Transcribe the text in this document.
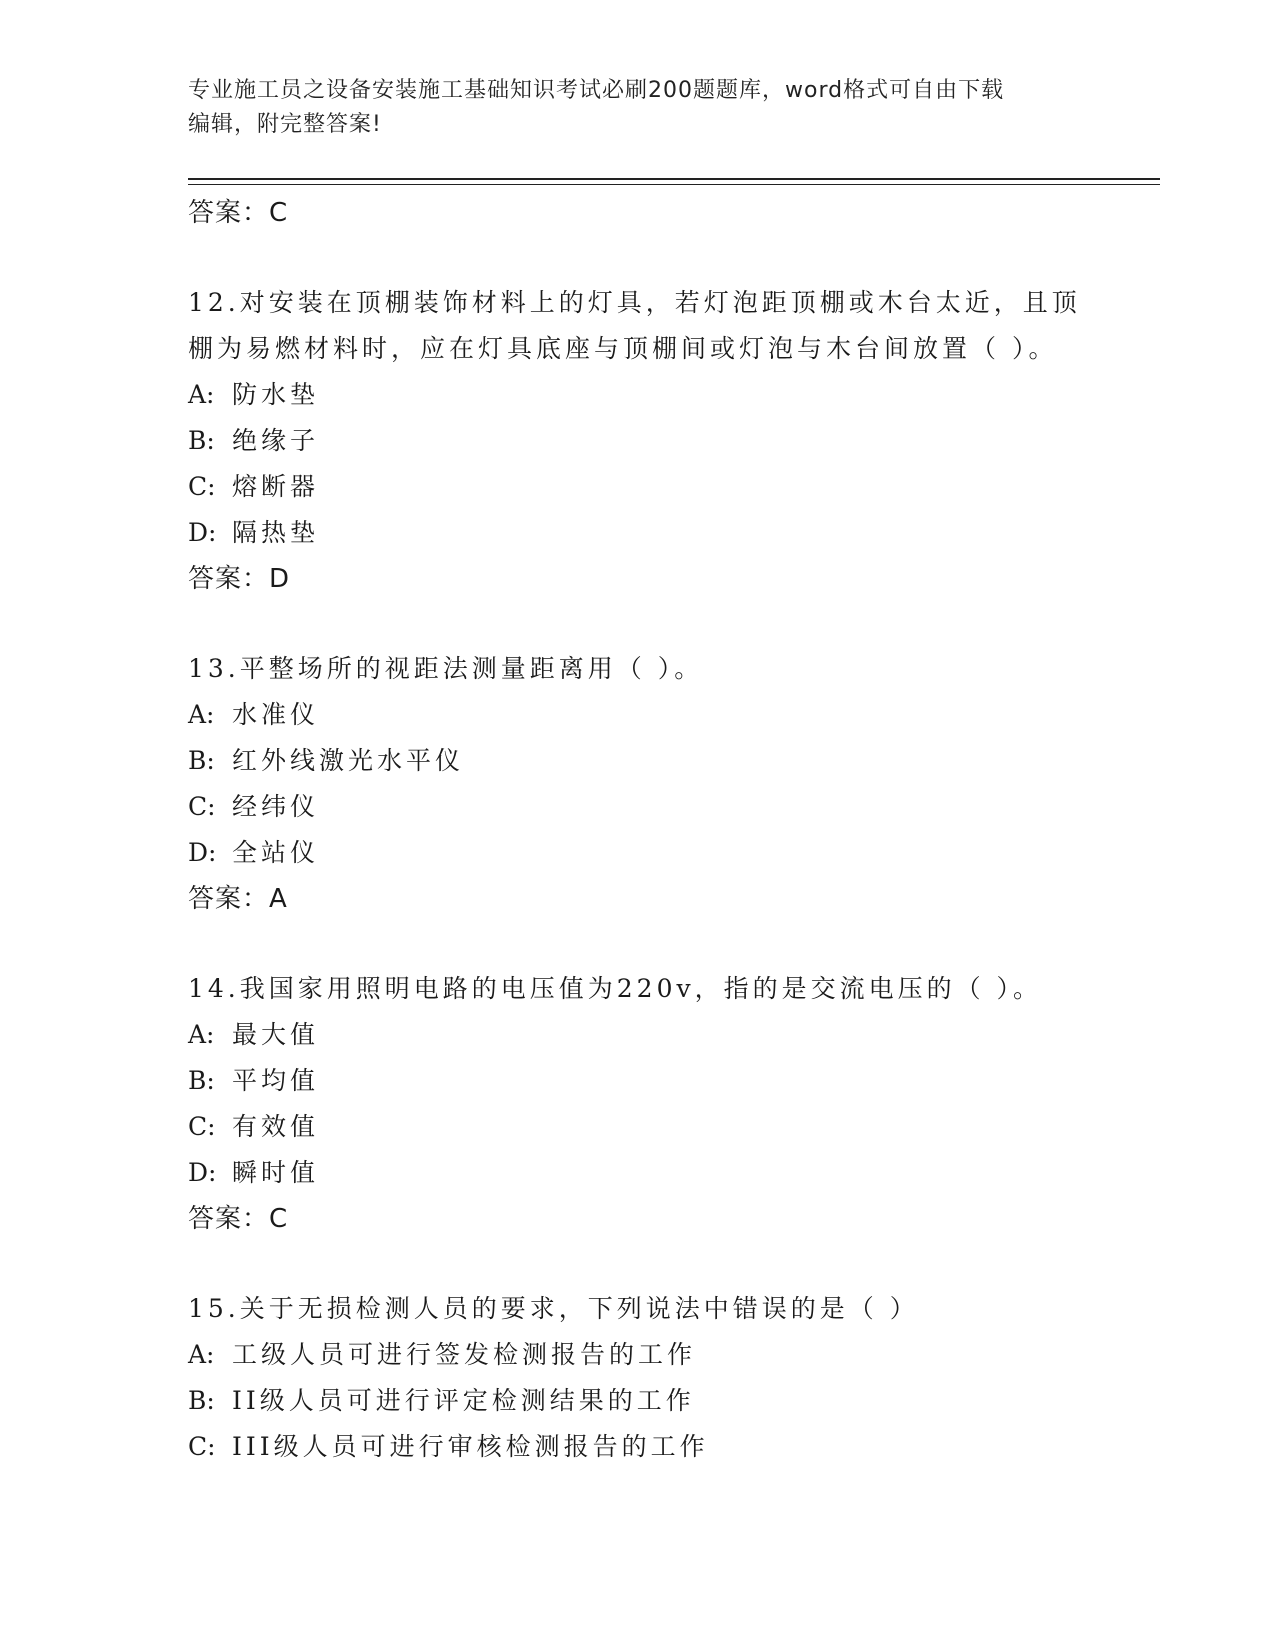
专业施工员之设备安装施工基础知识考试必刷200题题库，word格式可自由下载
编辑，附完整答案!
答案：C
12.对安装在顶棚装饰材料上的灯具，若灯泡距顶棚或木台太近，且顶
棚为易燃材料时，应在灯具底座与顶棚间或灯泡与木台间放置（ ）。
A: 防水垫
B: 绝缘子
C: 熔断器
D: 隔热垫
答案：D
13.平整场所的视距法测量距离用（ ）。
A: 水准仪
B: 红外线激光水平仪
C: 经纬仪
D: 全站仪
答案：A
14.我国家用照明电路的电压值为220v，指的是交流电压的（ ）。
A: 最大值
B: 平均值
C: 有效值
D: 瞬时值
答案：C
15.关于无损检测人员的要求，下列说法中错误的是（ ）
A: 工级人员可进行签发检测报告的工作
B: II级人员可进行评定检测结果的工作
C: III级人员可进行审核检测报告的工作
